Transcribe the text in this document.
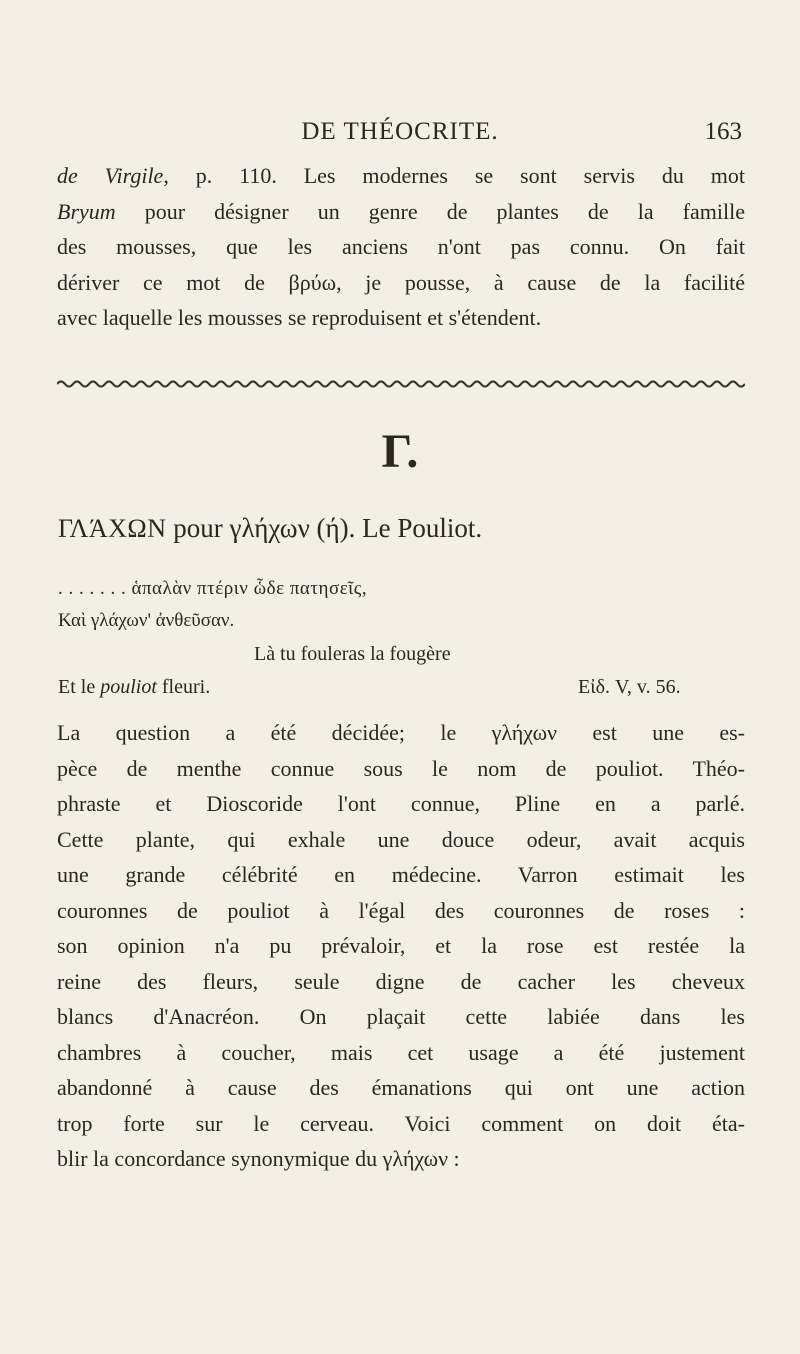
DE THÉOCRITE.	163
de Virgile, p. 110. Les modernes se sont servis du mot
Bryum pour désigner un genre de plantes de la famille
des mousses, que les anciens n'ont pas connu. On fait
dériver ce mot de βρύω, je pousse, à cause de la facilité
avec laquelle les mousses se reproduisent et s'étendent.
Γ.
ΓΛΆΧΩΝ pour γλήχων (ή). Le Pouliot.
. . . . . . . ἁπαλὰν πτέριν ὧδε πατησεῖς,
Καὶ γλάχων' ἀνθεῦσαν.
Là tu fouleras la fougère
Et le pouliot fleuri.	Εἰδ. V, v. 56.
La question a été décidée; le γλήχων est une es-
pèce de menthe connue sous le nom de pouliot. Théo-
phraste et Dioscoride l'ont connue, Pline en a parlé.
Cette plante, qui exhale une douce odeur, avait acquis
une grande célébrité en médecine. Varron estimait les
couronnes de pouliot à l'égal des couronnes de roses :
son opinion n'a pu prévaloir, et la rose est restée la
reine des fleurs, seule digne de cacher les cheveux
blancs d'Anacréon. On plaçait cette labiée dans les
chambres à coucher, mais cet usage a été justement
abandonné à cause des émanations qui ont une action
trop forte sur le cerveau. Voici comment on doit éta-
blir la concordance synonymique du γλήχων :
